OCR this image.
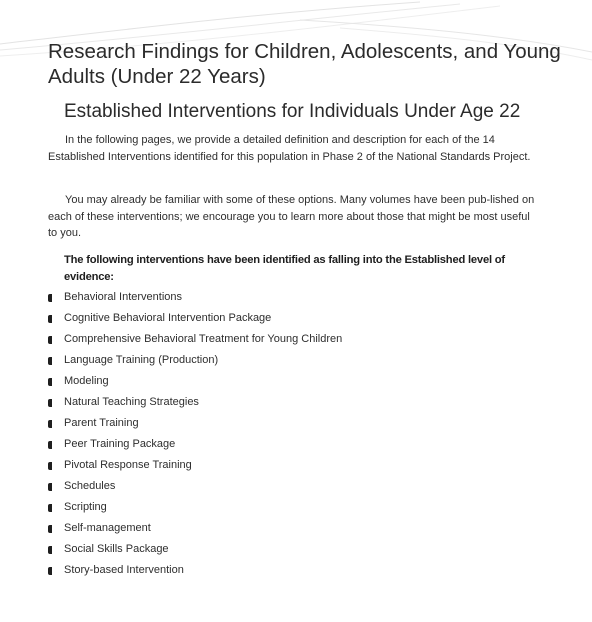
Research Findings for Children, Adolescents, and Young Adults (Under 22 Years)
Established Interventions for Individuals Under Age 22

In the following pages, we provide a detailed definition and description for each of the 14 Established Interventions identified for this population in Phase 2 of the National Standards Project.

You may already be familiar with some of these options. Many volumes have been pub-lished on each of these interventions; we encourage you to learn more about those that might be most useful to you.

The following interventions have been identified as falling into the Established level of evidence:

Behavioral Interventions
Cognitive Behavioral Intervention Package
Comprehensive Behavioral Treatment for Young Children
Language Training (Production)
Modeling
Natural Teaching Strategies
Parent Training
Peer Training Package
Pivotal Response Training
Schedules
Scripting
Self-management
Social Skills Package
Story-based Intervention
